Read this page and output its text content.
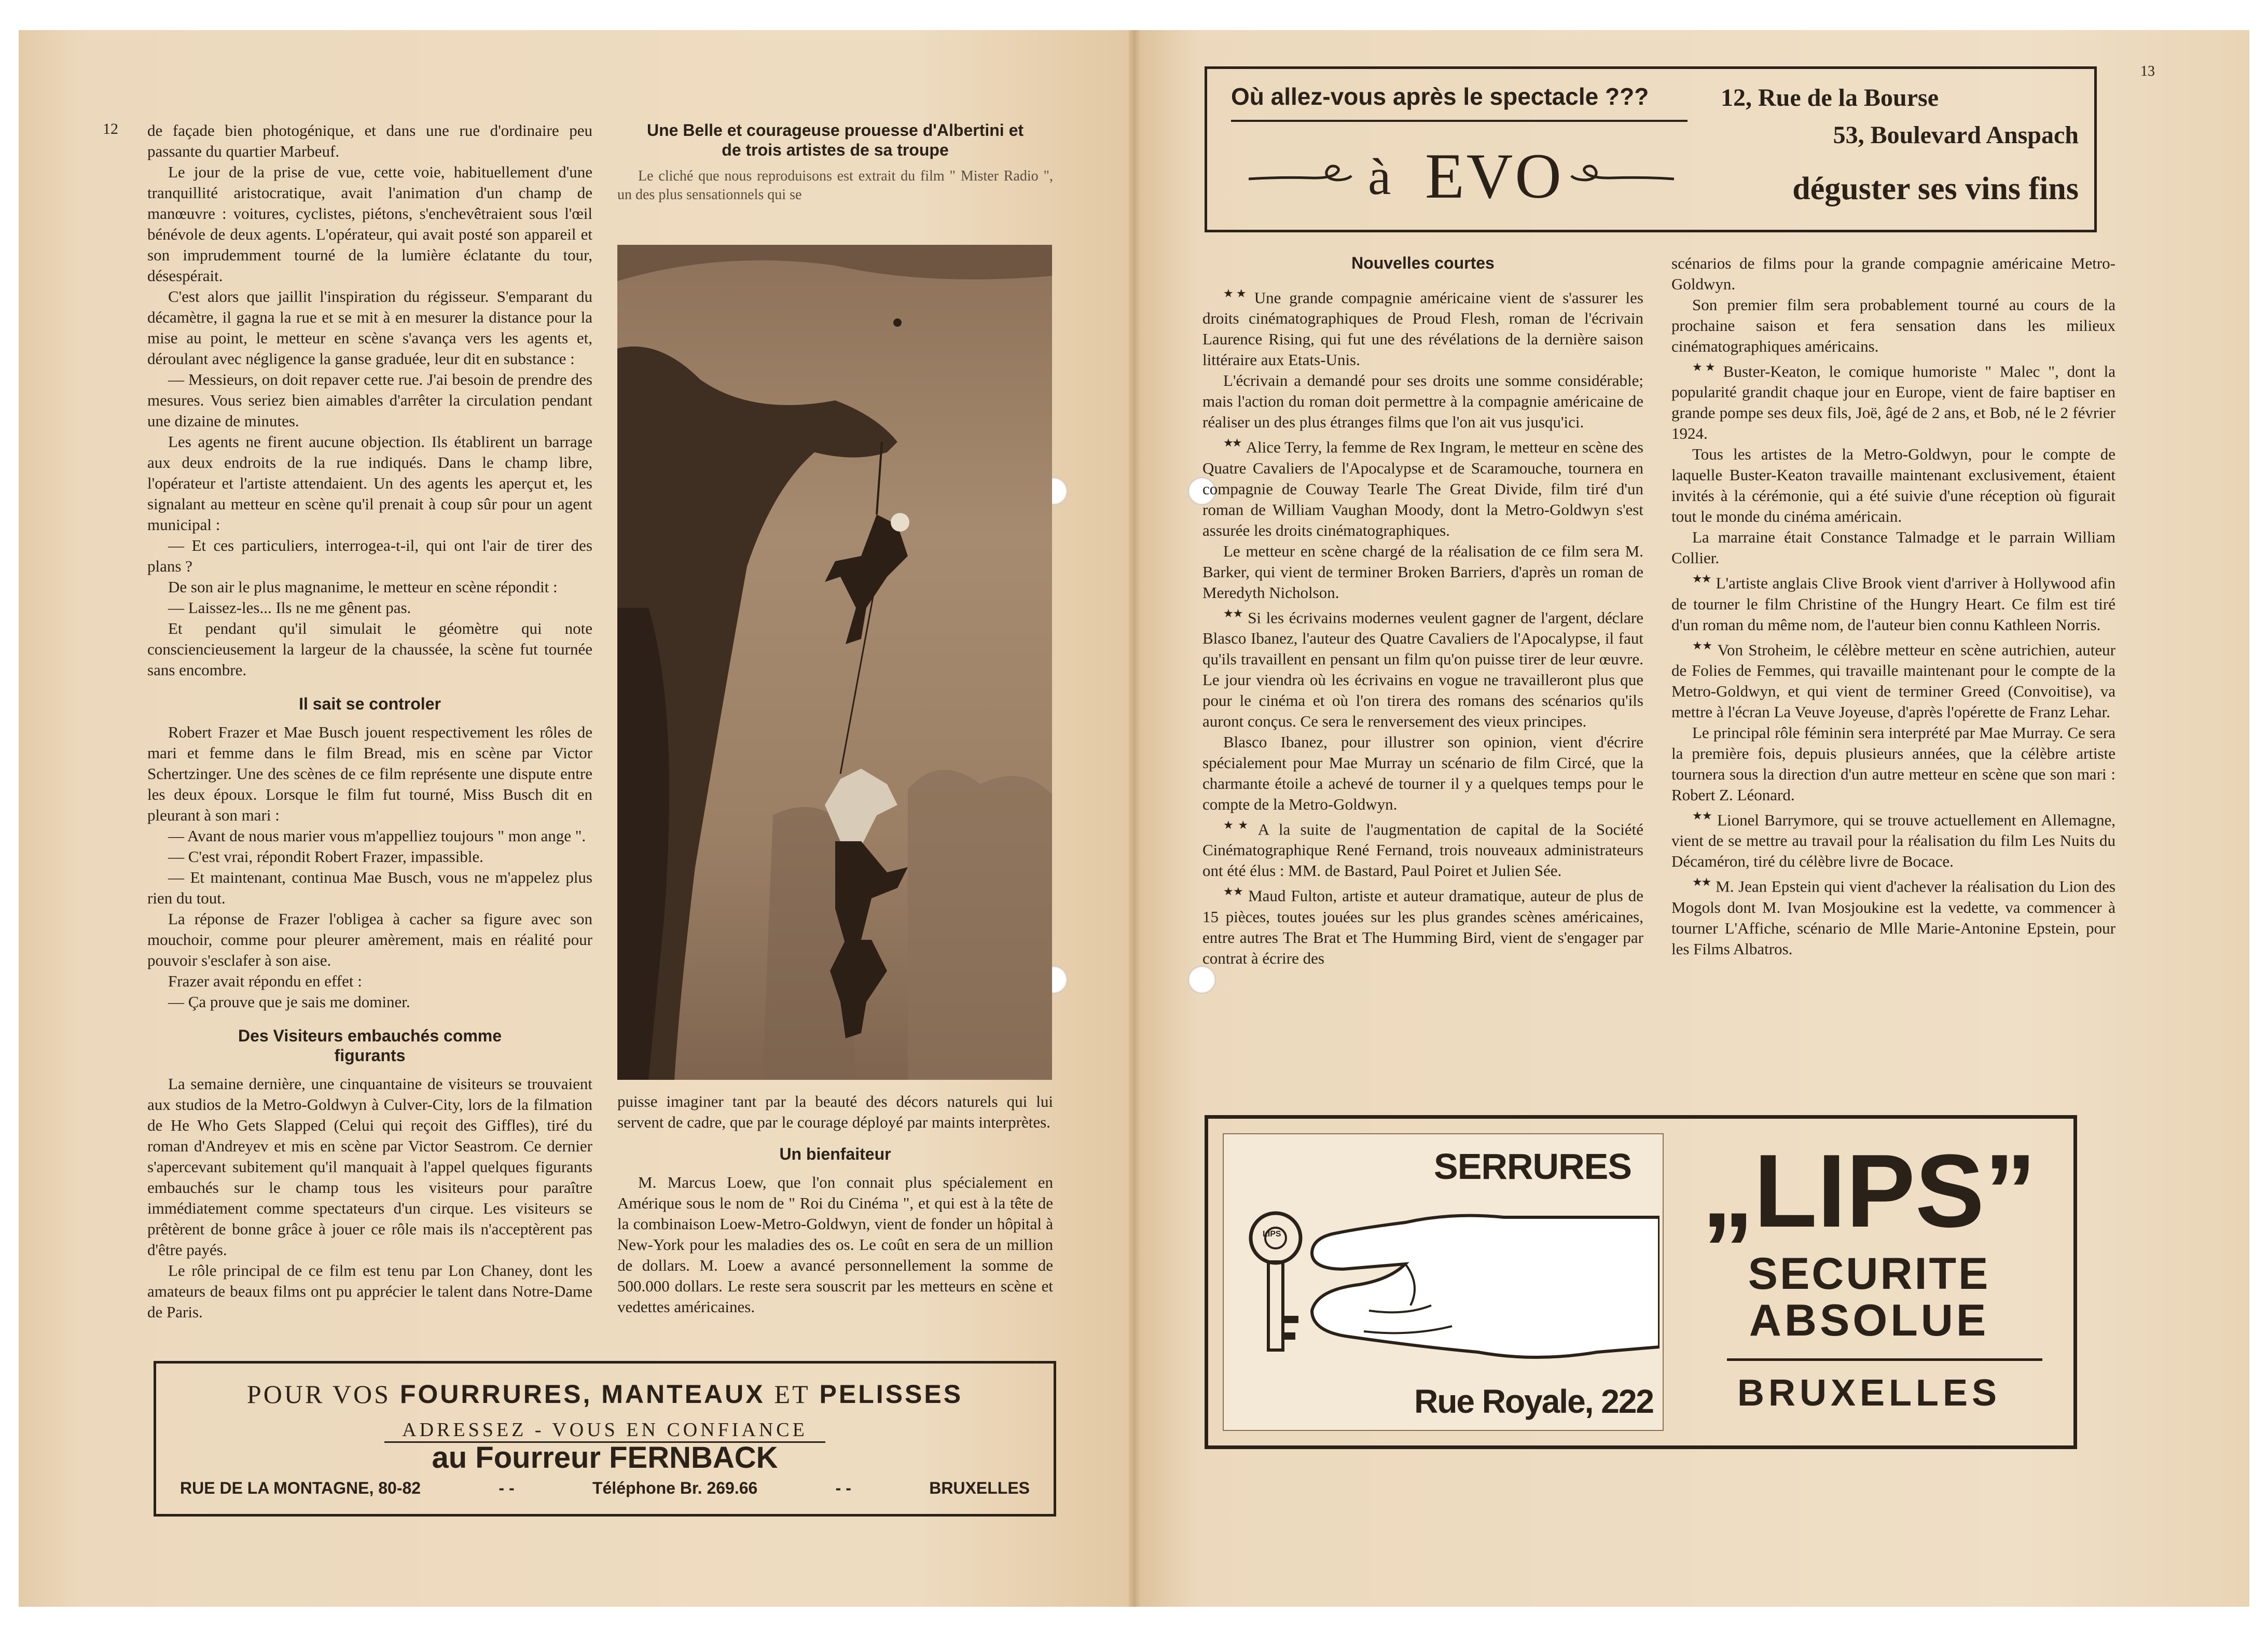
12 de façade bien photogénique, et dans une rue d'ordinaire peu passante du quartier Marbeuf.

Le jour de la prise de vue, cette voie, habituellement d'une tranquillité aristocratique, avait l'animation d'un champ de manœuvre : voitures, cyclistes, piétons, s'enchevêtraient sous l'œil bénévole de deux agents. L'opérateur, qui avait posté son appareil et son imprudemment tourné de la lumière éclatante du tour, désespérait.

C'est alors que jaillit l'inspiration du régisseur. S'emparant du décamètre, il gagna la rue et se mit à en mesurer la distance pour la mise au point, le metteur en scène s'avança vers les agents et, déroulant avec négligence la ganse graduée, leur dit en substance :

— Messieurs, on doit repaver cette rue. J'ai besoin de prendre des mesures. Vous seriez bien aimables d'arrêter la circulation pendant une dizaine de minutes.

Les agents ne firent aucune objection. Ils établirent un barrage aux deux endroits de la rue indiqués. Dans le champ libre, l'opérateur et l'artiste attendaient. Un des agents les aperçut et, les signalant au metteur en scène qu'il prenait à coup sûr pour un agent municipal :

— Et ces particuliers, interrogea-t-il, qui ont l'air de tirer des plans ?

De son air le plus magnanime, le metteur en scène répondit :

— Laissez-les... Ils ne me gênent pas.

Et pendant qu'il simulait le géomètre qui note consciencieusement la largeur de la chaussée, la scène fut tournée sans encombre.

Il sait se controler

Robert Frazer et Mae Busch jouent respectivement les rôles de mari et femme dans le film Bread, mis en scène par Victor Schertzinger. Une des scènes de ce film représente une dispute entre les deux époux. Lorsque le film fut tourné, Miss Busch dit en pleurant à son mari :

— Avant de nous marier vous m'appelliez toujours " mon ange ".

— C'est vrai, répondit Robert Frazer, impassible.

— Et maintenant, continua Mae Busch, vous ne m'appelez plus rien du tout.

La réponse de Frazer l'obligea à cacher sa figure avec son mouchoir, comme pour pleurer amèrement, mais en réalité pour pouvoir s'esclafer à son aise.

Frazer avait répondu en effet :

— Ça prouve que je sais me dominer.

Des Visiteurs embauchés comme figurants

La semaine dernière, une cinquantaine de visiteurs se trouvaient aux studios de la Metro-Goldwyn à Culver-City, lors de la filmation de He Who Gets Slapped (Celui qui reçoit des Giffles), tiré du roman d'Andreyev et mis en scène par Victor Seastrom. Ce dernier s'apercevant subitement qu'il manquait à l'appel quelques figurants embauchés sur le champ tous les visiteurs pour paraître immédiatement comme spectateurs d'un cirque. Les visiteurs se prêtèrent de bonne grâce à jouer ce rôle mais ils n'acceptèrent pas d'être payés.

Le rôle principal de ce film est tenu par Lon Chaney, dont les amateurs de beaux films ont pu apprécier le talent dans Notre-Dame de Paris.

Une Belle et courageuse prouesse d'Albertini et de trois artistes de sa troupe
Le cliché que nous reproduisons est extrait du film " Mister Radio ", un des plus sensationnels qui se

puisse imaginer tant par la beauté des décors naturels qui lui servent de cadre, que par le courage déployé par maints interprètes.

Un bienfaiteur

M. Marcus Loew, que l'on connait plus spécialement en Amérique sous le nom de " Roi du Cinéma ", et qui est à la tête de la combinaison Loew-Metro-Goldwyn, vient de fonder un hôpital à New-York pour les maladies des os. Le coût en sera de un million de dollars. M. Loew a avancé personnellement la somme de 500.000 dollars. Le reste sera souscrit par les metteurs en scène et vedettes américaines.

POUR VOS FOURRURES, MANTEAUX ET PELISSES
ADRESSEZ - VOUS EN CONFIANCE
au Fourreur FERNBACK
RUE DE LA MONTAGNE, 80-82	- -	Téléphone Br. 269.66	- -	BRUXELLES
13
Où allez-vous après le spectacle ???
à EVO
12, Rue de la Bourse
53, Boulevard Anspach
déguster ses vins fins
Nouvelles courtes

★★ Une grande compagnie américaine vient de s'assurer les droits cinématographiques de Proud Flesh, roman de l'écrivain Laurence Rising, qui fut une des révélations de la dernière saison littéraire aux Etats-Unis.

L'écrivain a demandé pour ses droits une somme considérable; mais l'action du roman doit permettre à la compagnie américaine de réaliser un des plus étranges films que l'on ait vus jusqu'ici.

★★ Alice Terry, la femme de Rex Ingram, le metteur en scène des Quatre Cavaliers de l'Apocalypse et de Scaramouche, tournera en compagnie de Couway Tearle The Great Divide, film tiré d'un roman de William Vaughan Moody, dont la Metro-Goldwyn s'est assurée les droits cinématographiques.

Le metteur en scène chargé de la réalisation de ce film sera M. Barker, qui vient de terminer Broken Barriers, d'après un roman de Meredyth Nicholson.

★★ Si les écrivains modernes veulent gagner de l'argent, déclare Blasco Ibanez, l'auteur des Quatre Cavaliers de l'Apocalypse, il faut qu'ils travaillent en pensant un film qu'on puisse tirer de leur œuvre. Le jour viendra où les écrivains en vogue ne travailleront plus que pour le cinéma et où l'on tirera des romans des scénarios qu'ils auront conçus. Ce sera le renversement des vieux principes.

Blasco Ibanez, pour illustrer son opinion, vient d'écrire spécialement pour Mae Murray un scénario de film Circé, que la charmante étoile a achevé de tourner il y a quelques temps pour le compte de la Metro-Goldwyn.

★★ A la suite de l'augmentation de capital de la Société Cinématographique René Fernand, trois nouveaux administrateurs ont été élus : MM. de Bastard, Paul Poiret et Julien Sée.

★★ Maud Fulton, artiste et auteur dramatique, auteur de plus de 15 pièces, toutes jouées sur les plus grandes scènes américaines, entre autres The Brat et The Humming Bird, vient de s'engager par contrat à écrire des

scénarios de films pour la grande compagnie américaine Metro-Goldwyn.

Son premier film sera probablement tourné au cours de la prochaine saison et fera sensation dans les milieux cinématographiques américains.

★★ Buster-Keaton, le comique humoriste " Malec ", dont la popularité grandit chaque jour en Europe, vient de faire baptiser en grande pompe ses deux fils, Joë, âgé de 2 ans, et Bob, né le 2 février 1924.

Tous les artistes de la Metro-Goldwyn, pour le compte de laquelle Buster-Keaton travaille maintenant exclusivement, étaient invités à la cérémonie, qui a été suivie d'une réception où figurait tout le monde du cinéma américain.

La marraine était Constance Talmadge et le parrain William Collier.

★★ L'artiste anglais Clive Brook vient d'arriver à Hollywood afin de tourner le film Christine of the Hungry Heart. Ce film est tiré d'un roman du même nom, de l'auteur bien connu Kathleen Norris.

★★ Von Stroheim, le célèbre metteur en scène autrichien, auteur de Folies de Femmes, qui travaille maintenant pour le compte de la Metro-Goldwyn, et qui vient de terminer Greed (Convoitise), va mettre à l'écran La Veuve Joyeuse, d'après l'opérette de Franz Lehar.

Le principal rôle féminin sera interprété par Mae Murray. Ce sera la première fois, depuis plusieurs années, que la célèbre artiste tournera sous la direction d'un autre metteur en scène que son mari : Robert Z. Léonard.

★★ Lionel Barrymore, qui se trouve actuellement en Allemagne, vient de se mettre au travail pour la réalisation du film Les Nuits du Décaméron, tiré du célèbre livre de Bocace.

★★ M. Jean Epstein qui vient d'achever la réalisation du Lion des Mogols dont M. Ivan Mosjoukine est la vedette, va commencer à tourner L'Affiche, scénario de Mlle Marie-Antonine Epstein, pour les Films Albatros.

SERRURES
LIPS
Rue Royale, 222
„LIPS”
SECURITE
ABSOLUE
BRUXELLES
